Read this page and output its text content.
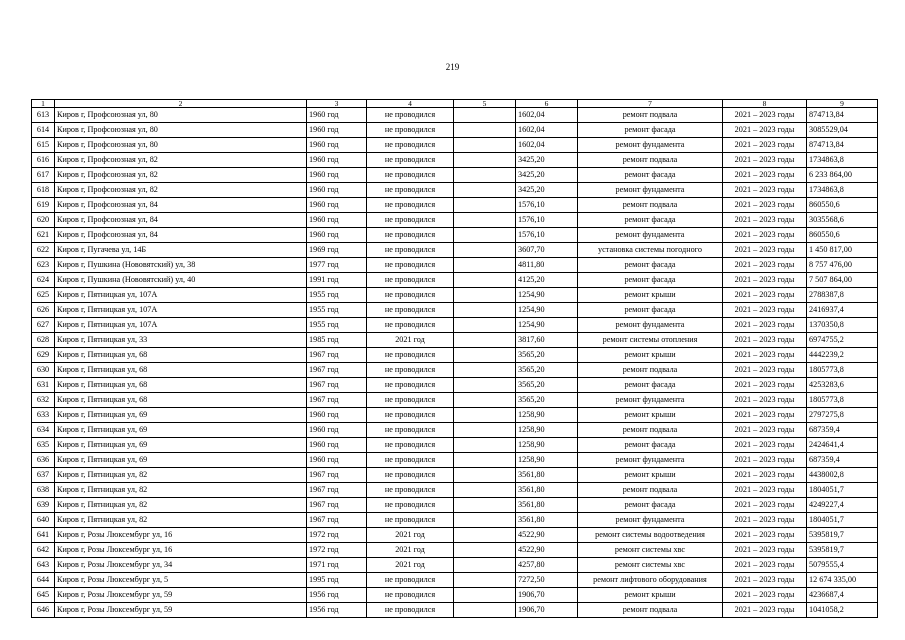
219
1	2	3	4	5	6	7	8	9
613	Киров г, Профсоюзная ул, 80	1960 год	не проводился		1602,04	ремонт подвала	2021 – 2023 годы	874713,84
614	Киров г, Профсоюзная ул, 80	1960 год	не проводился		1602,04	ремонт фасада	2021 – 2023 годы	3085529,04
615	Киров г, Профсоюзная ул, 80	1960 год	не проводился		1602,04	ремонт фундамента	2021 – 2023 годы	874713,84
616	Киров г, Профсоюзная ул, 82	1960 год	не проводился		3425,20	ремонт подвала	2021 – 2023 годы	1734863,8
617	Киров г, Профсоюзная ул, 82	1960 год	не проводился		3425,20	ремонт фасада	2021 – 2023 годы	6 233 864,00
618	Киров г, Профсоюзная ул, 82	1960 год	не проводился		3425,20	ремонт фундамента	2021 – 2023 годы	1734863,8
619	Киров г, Профсоюзная ул, 84	1960 год	не проводился		1576,10	ремонт подвала	2021 – 2023 годы	860550,6
620	Киров г, Профсоюзная ул, 84	1960 год	не проводился		1576,10	ремонт фасада	2021 – 2023 годы	3035568,6
621	Киров г, Профсоюзная ул, 84	1960 год	не проводился		1576,10	ремонт фундамента	2021 – 2023 годы	860550,6
622	Киров г, Пугачева ул, 14Б	1969 год	не проводился		3607,70	установка системы погодного	2021 – 2023 годы	1 450 817,00
623	Киров г, Пушкина (Нововятский) ул, 38	1977 год	не проводился		4811,80	ремонт фасада	2021 – 2023 годы	8 757 476,00
624	Киров г, Пушкина (Нововятский) ул, 40	1991 год	не проводился		4125,20	ремонт фасада	2021 – 2023 годы	7 507 864,00
625	Киров г, Пятницкая ул, 107А	1955 год	не проводился		1254,90	ремонт крыши	2021 – 2023 годы	2788387,8
626	Киров г, Пятницкая ул, 107А	1955 год	не проводился		1254,90	ремонт фасада	2021 – 2023 годы	2416937,4
627	Киров г, Пятницкая ул, 107А	1955 год	не проводился		1254,90	ремонт фундамента	2021 – 2023 годы	1370350,8
628	Киров г, Пятницкая ул, 33	1985 год	2021 год		3817,60	ремонт системы отопления	2021 – 2023 годы	6974755,2
629	Киров г, Пятницкая ул, 68	1967 год	не проводился		3565,20	ремонт крыши	2021 – 2023 годы	4442239,2
630	Киров г, Пятницкая ул, 68	1967 год	не проводился		3565,20	ремонт подвала	2021 – 2023 годы	1805773,8
631	Киров г, Пятницкая ул, 68	1967 год	не проводился		3565,20	ремонт фасада	2021 – 2023 годы	4253283,6
632	Киров г, Пятницкая ул, 68	1967 год	не проводился		3565,20	ремонт фундамента	2021 – 2023 годы	1805773,8
633	Киров г, Пятницкая ул, 69	1960 год	не проводился		1258,90	ремонт крыши	2021 – 2023 годы	2797275,8
634	Киров г, Пятницкая ул, 69	1960 год	не проводился		1258,90	ремонт подвала	2021 – 2023 годы	687359,4
635	Киров г, Пятницкая ул, 69	1960 год	не проводился		1258,90	ремонт фасада	2021 – 2023 годы	2424641,4
636	Киров г, Пятницкая ул, 69	1960 год	не проводился		1258,90	ремонт фундамента	2021 – 2023 годы	687359,4
637	Киров г, Пятницкая ул, 82	1967 год	не проводился		3561,80	ремонт крыши	2021 – 2023 годы	4438002,8
638	Киров г, Пятницкая ул, 82	1967 год	не проводился		3561,80	ремонт подвала	2021 – 2023 годы	1804051,7
639	Киров г, Пятницкая ул, 82	1967 год	не проводился		3561,80	ремонт фасада	2021 – 2023 годы	4249227,4
640	Киров г, Пятницкая ул, 82	1967 год	не проводился		3561,80	ремонт фундамента	2021 – 2023 годы	1804051,7
641	Киров г, Розы Люксембург ул, 16	1972 год	2021 год		4522,90	ремонт системы водоотведения	2021 – 2023 годы	5395819,7
642	Киров г, Розы Люксембург ул, 16	1972 год	2021 год		4522,90	ремонт системы хвс	2021 – 2023 годы	5395819,7
643	Киров г, Розы Люксембург ул, 34	1971 год	2021 год		4257,80	ремонт системы хвс	2021 – 2023 годы	5079555,4
644	Киров г, Розы Люксембург ул, 5	1995 год	не проводился		7272,50	ремонт лифтового оборудования	2021 – 2023 годы	12 674 335,00
645	Киров г, Розы Люксембург ул, 59	1956 год	не проводился		1906,70	ремонт крыши	2021 – 2023 годы	4236687,4
646	Киров г, Розы Люксембург ул, 59	1956 год	не проводился		1906,70	ремонт подвала	2021 – 2023 годы	1041058,2
